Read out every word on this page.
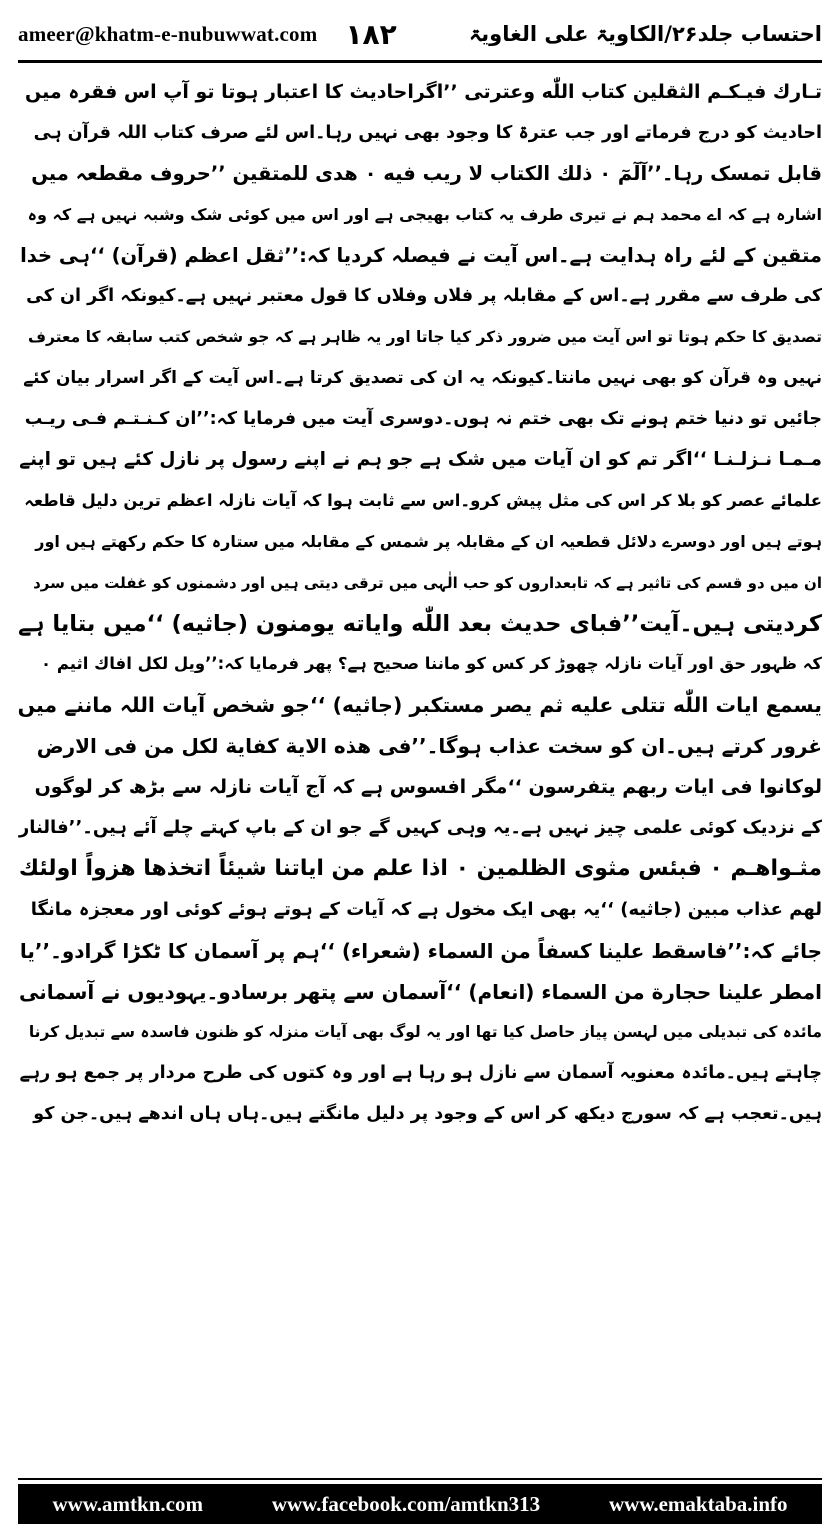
ameer@khatm-e-nubuwwat.com ۱۸۲	احتساب جلد۲۶/الکاویۃ علی الغاویۃ
تـارك فیـكـم الثقلين كتاب اللّٰه وعترتی ’’اگراحادیث کا اعتبار ہوتا تو آپ اس فقرہ میں
احادیث کو درج فرماتے اور جب عترۃ کا وجود بھی نہیں رہا۔اس لئے صرف کتاب اللہ قرآن ہی
قابل تمسک رہا۔’’آلٓمٓ ۰ ذلك الكتاب لا ريب فيه ۰ هدی للمتقین ’’حروف مقطعہ میں
اشارہ ہے کہ اے محمد ہم نے تیری طرف یہ کتاب بھیجی ہے اور اس میں کوئی شک وشبہ نہیں ہے کہ وہ
متقین کے لئے راہ ہدایت ہے۔اس آیت نے فیصلہ کردیا کہ:’’ثقل اعظم (قرآن) ‘‘ہی خدا
کی طرف سے مقرر ہے۔اس کے مقابلہ پر فلاں وفلاں کا قول معتبر نہیں ہے۔کیونکہ اگر ان کی
تصدیق کا حکم ہوتا تو اس آیت میں ضرور ذکر کیا جاتا اور یہ ظاہر ہے کہ جو شخص کتب سابقہ کا معترف
نہیں وہ قرآن کو بھی نہیں مانتا۔کیونکہ یہ ان کی تصدیق کرتا ہے۔اس آیت کے اگر اسرار بیان کئے
جائیں تو دنیا ختم ہونے تک بھی ختم نہ ہوں۔دوسری آیت میں فرمایا کہ:’’ان کـنـتـم فـی ریـب
مـمـا نـزلـنـا ‘‘اگر تم کو ان آیات میں شک ہے جو ہم نے اپنے رسول پر نازل کئے ہیں تو اپنے
علمائے عصر کو بلا کر اس کی مثل پیش کرو۔اس سے ثابت ہوا کہ آیات نازلہ اعظم ترین دلیل قاطعہ
ہوتے ہیں اور دوسرے دلائل قطعیہ ان کے مقابلہ پر شمس کے مقابلہ میں ستارہ کا حکم رکھتے ہیں اور
ان میں دو قسم کی تاثیر ہے کہ تابعداروں کو حب الٰہی میں ترقی دیتی ہیں اور دشمنوں کو غفلت میں سرد
کردیتی ہیں۔آیت’’فبای حدیث بعد اللّٰه وایاته یومنون (جاثیه) ‘‘میں بتایا ہے
کہ ظہور حق اور آیات نازلہ چھوڑ کر کس کو ماننا صحیح ہے؟ پھر فرمایا کہ:’’ويل لكل افاك اثيم ۰
يسمع ايات اللّٰه تتلى عليه ثم يصر مستكبر (جاثیه) ‘‘جو شخص آیات اللہ ماننے میں
غرور کرتے ہیں۔ان کو سخت عذاب ہوگا۔’’فی هذه الاية كفاية لكل من فی الارض
لوكانوا فی ايات ربهم يتفرسون ‘‘مگر افسوس ہے کہ آج آیات نازلہ سے بڑھ کر لوگوں
کے نزدیک کوئی علمی چیز نہیں ہے۔یہ وہی کہیں گے جو ان کے باپ کہتے چلے آئے ہیں۔’’فالنار
مثـواهـم ۰ فبئس مثوى الظلمين ۰ اذا علم من اياتنا شيئاً اتخذها هزواً اولئك
لهم عذاب مبين (جاثیه) ‘‘یہ بھی ایک مخول ہے کہ آیات کے ہوتے ہوئے کوئی اور معجزہ مانگا
جائے کہ:’’فاسقط علينا كسفاً من السماء (شعراء) ‘‘ہم پر آسمان کا ٹکڑا گرادو۔’’یا
امطر علينا حجارة من السماء (انعام) ‘‘آسمان سے پتھر برسادو۔یہودیوں نے آسمانی
مائدہ کی تبدیلی میں لہسن پیاز حاصل کیا تھا اور یہ لوگ بھی آیات منزلہ کو ظنون فاسدہ سے تبدیل کرنا
چاہتے ہیں۔مائدہ معنویہ آسمان سے نازل ہو رہا ہے اور وہ کتوں کی طرح مردار پر جمع ہو رہے
ہیں۔تعجب ہے کہ سورج دیکھ کر اس کے وجود پر دلیل مانگتے ہیں۔ہاں ہاں اندھے ہیں۔جن کو
www.amtkn.com	www.facebook.com/amtkn313	www.emaktaba.info
